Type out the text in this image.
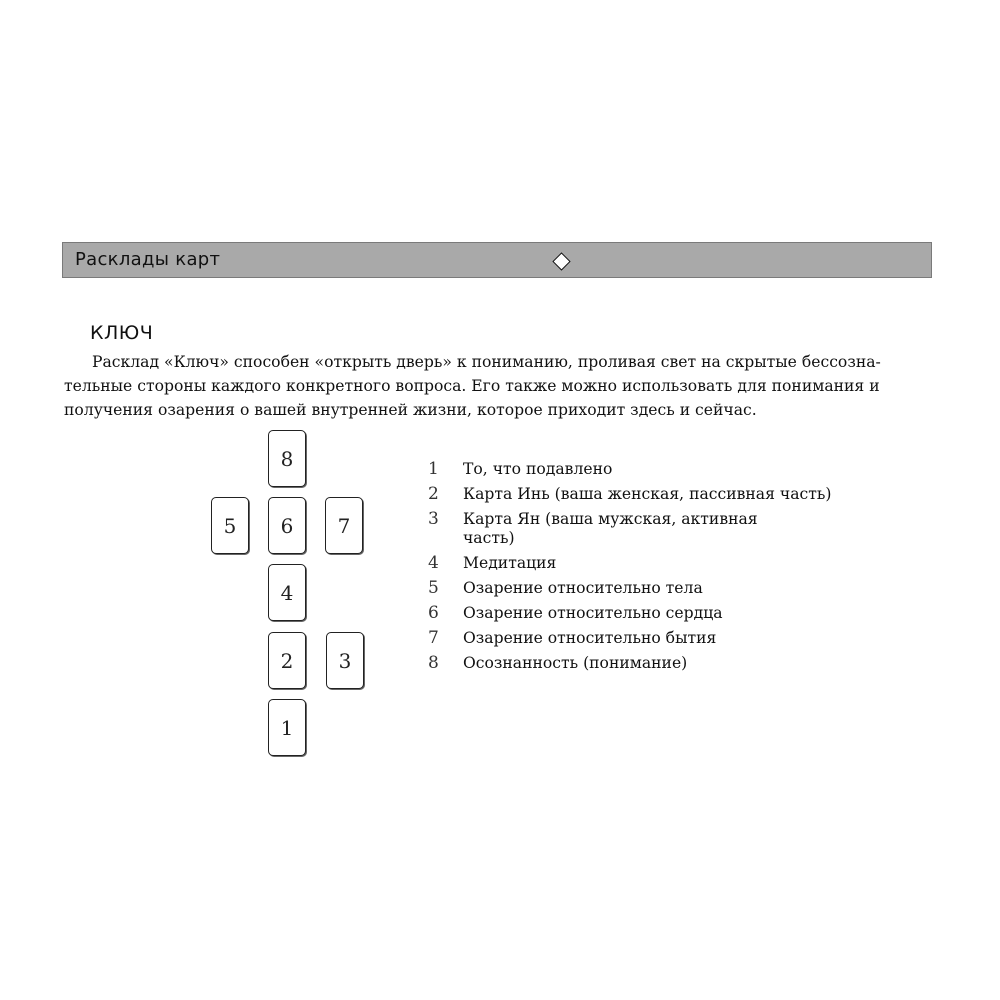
Расклады карт
КЛЮЧ
Расклад «Ключ» способен «открыть дверь» к пониманию, проливая свет на скрытые бессозна-
тельные стороны каждого конкретного вопроса. Его также можно использовать для понимания и
получения озарения о вашей внутренней жизни, которое приходит здесь и сейчас.
8
5	6	7
4
2	3
1
1	То, что подавлено
2	Карта Инь (ваша женская, пассивная часть)
3	Карта Ян (ваша мужская, активная часть)
4	Медитация
5	Озарение относительно тела
6	Озарение относительно сердца
7	Озарение относительно бытия
8	Осознанность (понимание)
